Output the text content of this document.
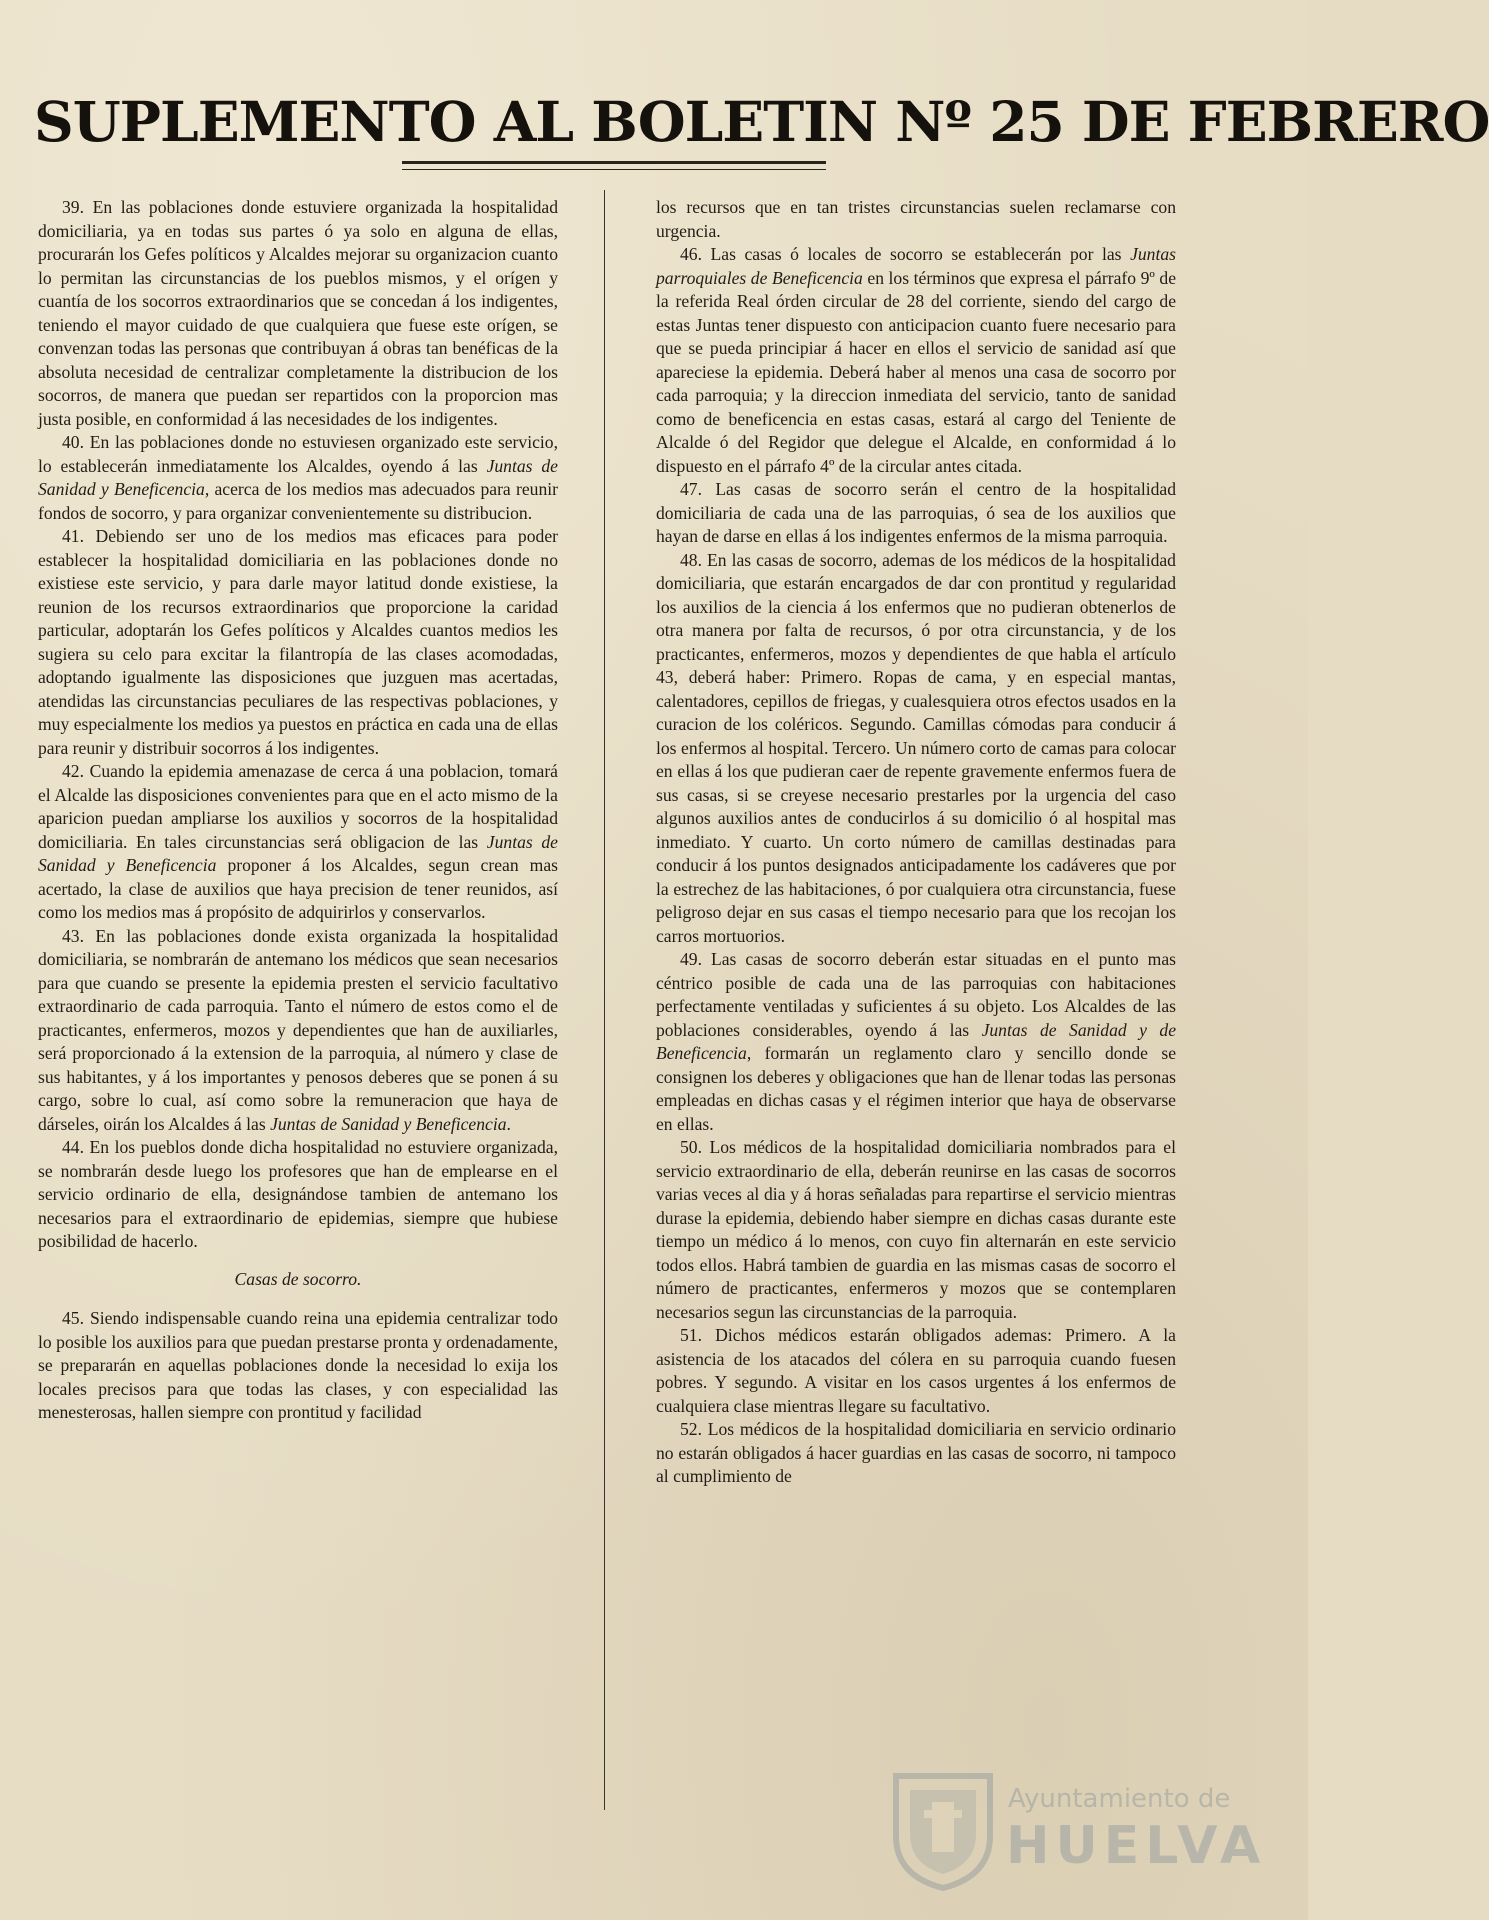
SUPLEMENTO AL BOLETIN Nº 25 DE FEBRERO

39. En las poblaciones donde estuviere organizada la hospitalidad domiciliaria, ya en todas sus partes ó ya solo en alguna de ellas, procurarán los Gefes políticos y Alcaldes mejorar su organizacion cuanto lo permitan las circunstancias de los pueblos mismos, y el orígen y cuantía de los socorros extraordinarios que se concedan á los indigentes, teniendo el mayor cuidado de que cualquiera que fuese este orígen, se convenzan todas las personas que contribuyan á obras tan benéficas de la absoluta necesidad de centralizar completamente la distribucion de los socorros, de manera que puedan ser repartidos con la proporcion mas justa posible, en conformidad á las necesidades de los indigentes.

40. En las poblaciones donde no estuviesen organizado este servicio, lo establecerán inmediatamente los Alcaldes, oyendo á las Juntas de Sanidad y Beneficencia, acerca de los medios mas adecuados para reunir fondos de socorro, y para organizar convenientemente su distribucion.

41. Debiendo ser uno de los medios mas eficaces para poder establecer la hospitalidad domiciliaria en las poblaciones donde no existiese este servicio, y para darle mayor latitud donde existiese, la reunion de los recursos extraordinarios que proporcione la caridad particular, adoptarán los Gefes políticos y Alcaldes cuantos medios les sugiera su celo para excitar la filantropía de las clases acomodadas, adoptando igualmente las disposiciones que juzguen mas acertadas, atendidas las circunstancias peculiares de las respectivas poblaciones, y muy especialmente los medios ya puestos en práctica en cada una de ellas para reunir y distribuir socorros á los indigentes.

42. Cuando la epidemia amenazase de cerca á una poblacion, tomará el Alcalde las disposiciones convenientes para que en el acto mismo de la aparicion puedan ampliarse los auxilios y socorros de la hospitalidad domiciliaria. En tales circunstancias será obligacion de las Juntas de Sanidad y Beneficencia proponer á los Alcaldes, segun crean mas acertado, la clase de auxilios que haya precision de tener reunidos, así como los medios mas á propósito de adquirirlos y conservarlos.

43. En las poblaciones donde exista organizada la hospitalidad domiciliaria, se nombrarán de antemano los médicos que sean necesarios para que cuando se presente la epidemia presten el servicio facultativo extraordinario de cada parroquia. Tanto el número de estos como el de practicantes, enfermeros, mozos y dependientes que han de auxiliarles, será proporcionado á la extension de la parroquia, al número y clase de sus habitantes, y á los importantes y penosos deberes que se ponen á su cargo, sobre lo cual, así como sobre la remuneracion que haya de dárseles, oirán los Alcaldes á las Juntas de Sanidad y Beneficencia.

44. En los pueblos donde dicha hospitalidad no estuviere organizada, se nombrarán desde luego los profesores que han de emplearse en el servicio ordinario de ella, designándose tambien de antemano los necesarios para el extraordinario de epidemias, siempre que hubiese posibilidad de hacerlo.

Casas de socorro.

45. Siendo indispensable cuando reina una epidemia centralizar todo lo posible los auxilios para que puedan prestarse pronta y ordenadamente, se prepararán en aquellas poblaciones donde la necesidad lo exija los locales precisos para que todas las clases, y con especialidad las menesterosas, hallen siempre con prontitud y facilidad

los recursos que en tan tristes circunstancias suelen reclamarse con urgencia.

46. Las casas ó locales de socorro se establecerán por las Juntas parroquiales de Beneficencia en los términos que expresa el párrafo 9º de la referida Real órden circular de 28 del corriente, siendo del cargo de estas Juntas tener dispuesto con anticipacion cuanto fuere necesario para que se pueda principiar á hacer en ellos el servicio de sanidad así que apareciese la epidemia. Deberá haber al menos una casa de socorro por cada parroquia; y la direccion inmediata del servicio, tanto de sanidad como de beneficencia en estas casas, estará al cargo del Teniente de Alcalde ó del Regidor que delegue el Alcalde, en conformidad á lo dispuesto en el párrafo 4º de la circular antes citada.

47. Las casas de socorro serán el centro de la hospitalidad domiciliaria de cada una de las parroquias, ó sea de los auxilios que hayan de darse en ellas á los indigentes enfermos de la misma parroquia.

48. En las casas de socorro, ademas de los médicos de la hospitalidad domiciliaria, que estarán encargados de dar con prontitud y regularidad los auxilios de la ciencia á los enfermos que no pudieran obtenerlos de otra manera por falta de recursos, ó por otra circunstancia, y de los practicantes, enfermeros, mozos y dependientes de que habla el artículo 43, deberá haber: Primero. Ropas de cama, y en especial mantas, calentadores, cepillos de friegas, y cualesquiera otros efectos usados en la curacion de los coléricos. Segundo. Camillas cómodas para conducir á los enfermos al hospital. Tercero. Un número corto de camas para colocar en ellas á los que pudieran caer de repente gravemente enfermos fuera de sus casas, si se creyese necesario prestarles por la urgencia del caso algunos auxilios antes de conducirlos á su domicilio ó al hospital mas inmediato. Y cuarto. Un corto número de camillas destinadas para conducir á los puntos designados anticipadamente los cadáveres que por la estrechez de las habitaciones, ó por cualquiera otra circunstancia, fuese peligroso dejar en sus casas el tiempo necesario para que los recojan los carros mortuorios.

49. Las casas de socorro deberán estar situadas en el punto mas céntrico posible de cada una de las parroquias con habitaciones perfectamente ventiladas y suficientes á su objeto. Los Alcaldes de las poblaciones considerables, oyendo á las Juntas de Sanidad y de Beneficencia, formarán un reglamento claro y sencillo donde se consignen los deberes y obligaciones que han de llenar todas las personas empleadas en dichas casas y el régimen interior que haya de observarse en ellas.

50. Los médicos de la hospitalidad domiciliaria nombrados para el servicio extraordinario de ella, deberán reunirse en las casas de socorros varias veces al dia y á horas señaladas para repartirse el servicio mientras durase la epidemia, debiendo haber siempre en dichas casas durante este tiempo un médico á lo menos, con cuyo fin alternarán en este servicio todos ellos. Habrá tambien de guardia en las mismas casas de socorro el número de practicantes, enfermeros y mozos que se contemplaren necesarios segun las circunstancias de la parroquia.

51. Dichos médicos estarán obligados ademas: Primero. A la asistencia de los atacados del cólera en su parroquia cuando fuesen pobres. Y segundo. A visitar en los casos urgentes á los enfermos de cualquiera clase mientras llegare su facultativo.

52. Los médicos de la hospitalidad domiciliaria en servicio ordinario no estarán obligados á hacer guardias en las casas de socorro, ni tampoco al cumplimiento de

Ayuntamiento de
HUELVA
